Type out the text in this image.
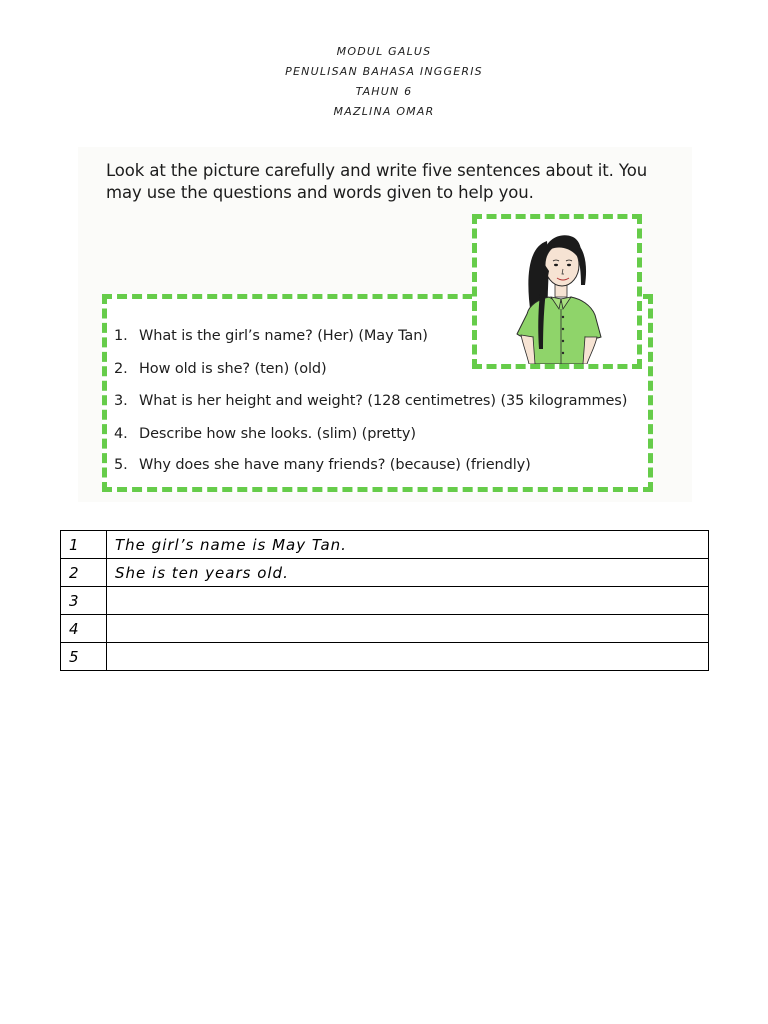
MODUL GALUS
PENULISAN BAHASA INGGERIS
TAHUN 6
MAZLINA OMAR
Look at the picture carefully and write five sentences about it. You
may use the questions and words given to help you.
1. What is the girl’s name? (Her) (May Tan)
2. How old is she? (ten) (old)
3. What is her height and weight? (128 centimetres) (35 kilogrammes)
4. Describe how she looks. (slim) (pretty)
5. Why does she have many friends? (because) (friendly)
1	The girl’s name is May Tan.
2	She is ten years old.
3	
4	
5	
